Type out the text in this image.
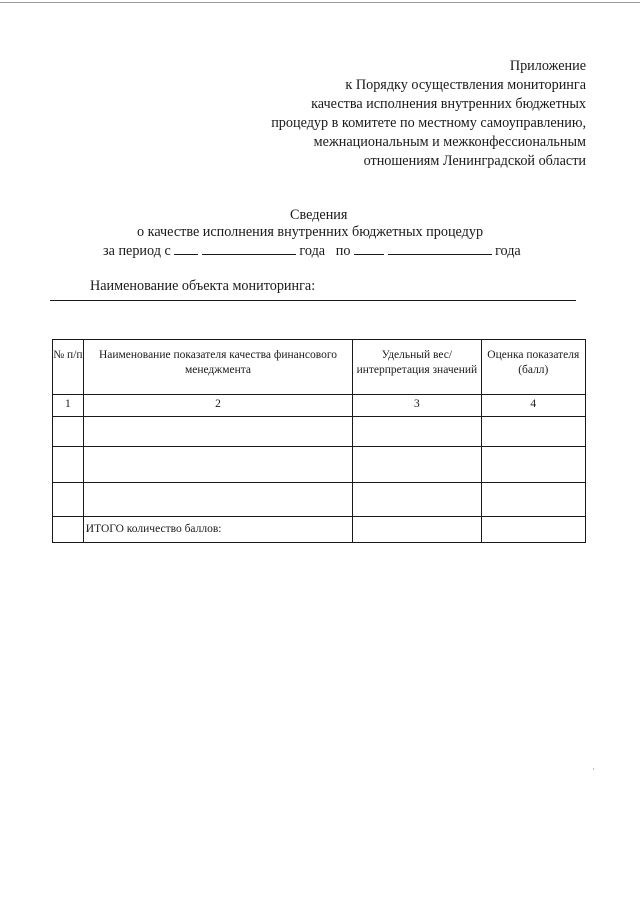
Приложение
к Порядку осуществления мониторинга
качества исполнения внутренних бюджетных
процедур в комитете по местному самоуправлению,
межнациональным и межконфессиональным
отношениям Ленинградской области
Сведения
о качестве исполнения внутренних бюджетных процедур
за период с	года по	года
Наименование объекта мониторинга:
№ п/п	Наименование показателя качества финансового менеджмента	Удельный вес/интерпретация значений	Оценка показателя (балл)
1	2	3	4

	ИТОГО количество баллов:		
